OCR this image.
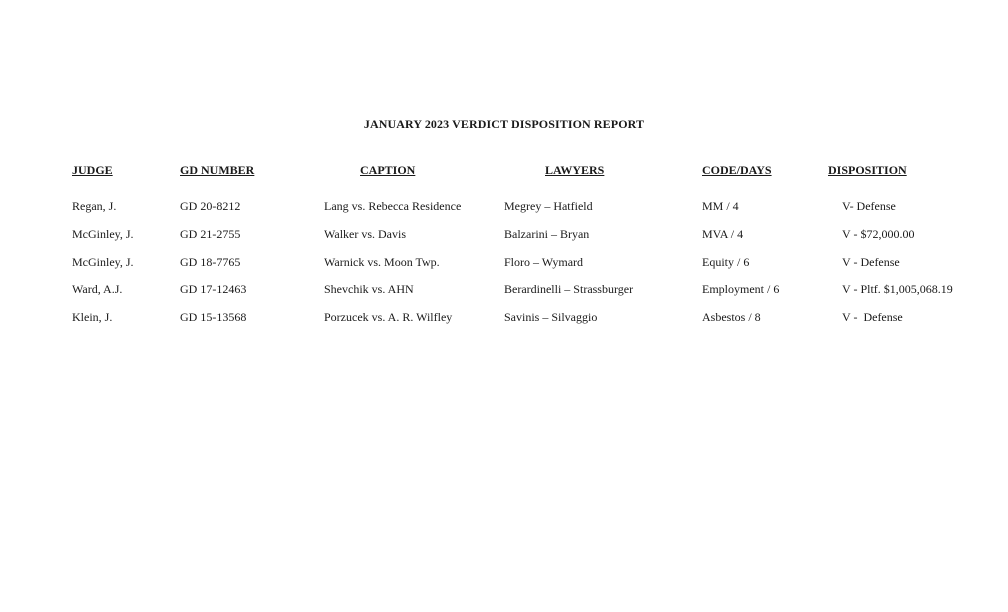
JANUARY 2023 VERDICT DISPOSITION REPORT
JUDGE	GD NUMBER	CAPTION	LAWYERS	CODE/DAYS	DISPOSITION
Regan, J.	GD 20-8212	Lang vs. Rebecca Residence	Megrey – Hatfield	MM / 4	V- Defense
McGinley, J.	GD 21-2755	Walker vs. Davis	Balzarini – Bryan	MVA / 4	V - $72,000.00
McGinley, J.	GD 18-7765	Warnick vs. Moon Twp.	Floro – Wymard	Equity / 6	V - Defense
Ward, A.J.	GD 17-12463	Shevchik vs. AHN	Berardinelli – Strassburger	Employment / 6	V - Pltf. $1,005,068.19
Klein, J.	GD 15-13568	Porzucek vs. A. R. Wilfley	Savinis – Silvaggio	Asbestos / 8	V -  Defense
